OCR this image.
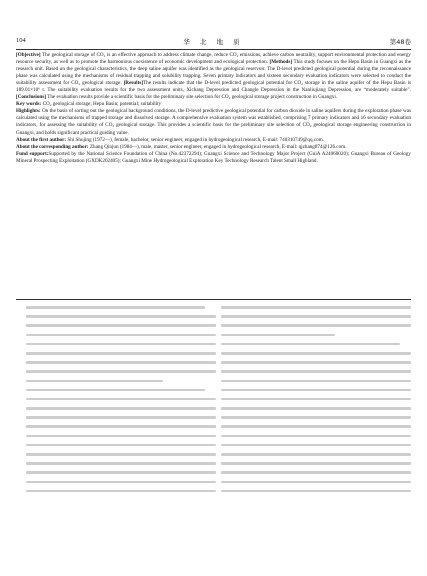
104	华 北 地 质	第48卷

[Objective] The geological storage of CO₂ is an effective approach to address climate change, reduce CO₂ emissions, achieve carbon neutrality, support environmental protection and energy resource security, as well as to promote the harmonious coexistence of economic development and ecological protection. [Methods] This study focuses on the Hepu Basin in Guangxi as the research unit. Based on the geological characteristics, the deep saline aquifer was identified as the geological reservoir. The D-level predicted geological potential during the reconnaissance phase was calculated using the mechanisms of residual trapping and solubility trapping. Seven primary indicators and sixteen secondary evaluation indicators were selected to conduct the suitability assessment for CO₂ geological storage. [Results]The results indicate that the D-level predicted geological potential for CO₂ storage in the saline aquifer of the Hepu Basin is 189.01×10⁶ t. The suitability evaluation results for the two assessment units, Xichang Depression and Changle Depression in the Nanliujiang Depression, are “moderately suitable”. [Conclusions] The evaluation results provide a scientific basis for the preliminary site selection for CO₂ geological storage project construction in Guangxi.

Key words: CO₂ geological storage; Hepu Basin; potential; suitability

Highlights: On the basis of sorting out the geological background conditions, the D-level predictive geological potential for carbon dioxide in saline aquifers during the exploration phase was calculated using the mechanisms of trapped storage and dissolved storage. A comprehensive evaluation system was established, comprising 7 primary indicators and 16 secondary evaluation indicators, for assessing the suitability of CO₂ geological storage. This provides a scientific basis for the preliminary site selection of CO₂ geological storage engineering construction in Guangxi, and holds significant practical guiding value.

About the first author: Shi Shujing (1972—), female, bachelor, senior engineer, engaged in hydrogeological research, E-mail: 740310749@qq.com.

About the corresponding author: Zhang Qinjun (1984—), male, master, senior engineer, engaged in hydrogeological research, E-mail: qjzhang874@126.com.

Fund support:Supported by the National Science Foundation of China (No.42372294); Guangxi Science and Technology Major Project (GuiA A24060020); Guangxi Bureau of Geology Mineral Prospecting Exploitation (GXDK202405); Guangxi Mine Hydrogeological Exploration Key Technology Research Talent Small Highland.
